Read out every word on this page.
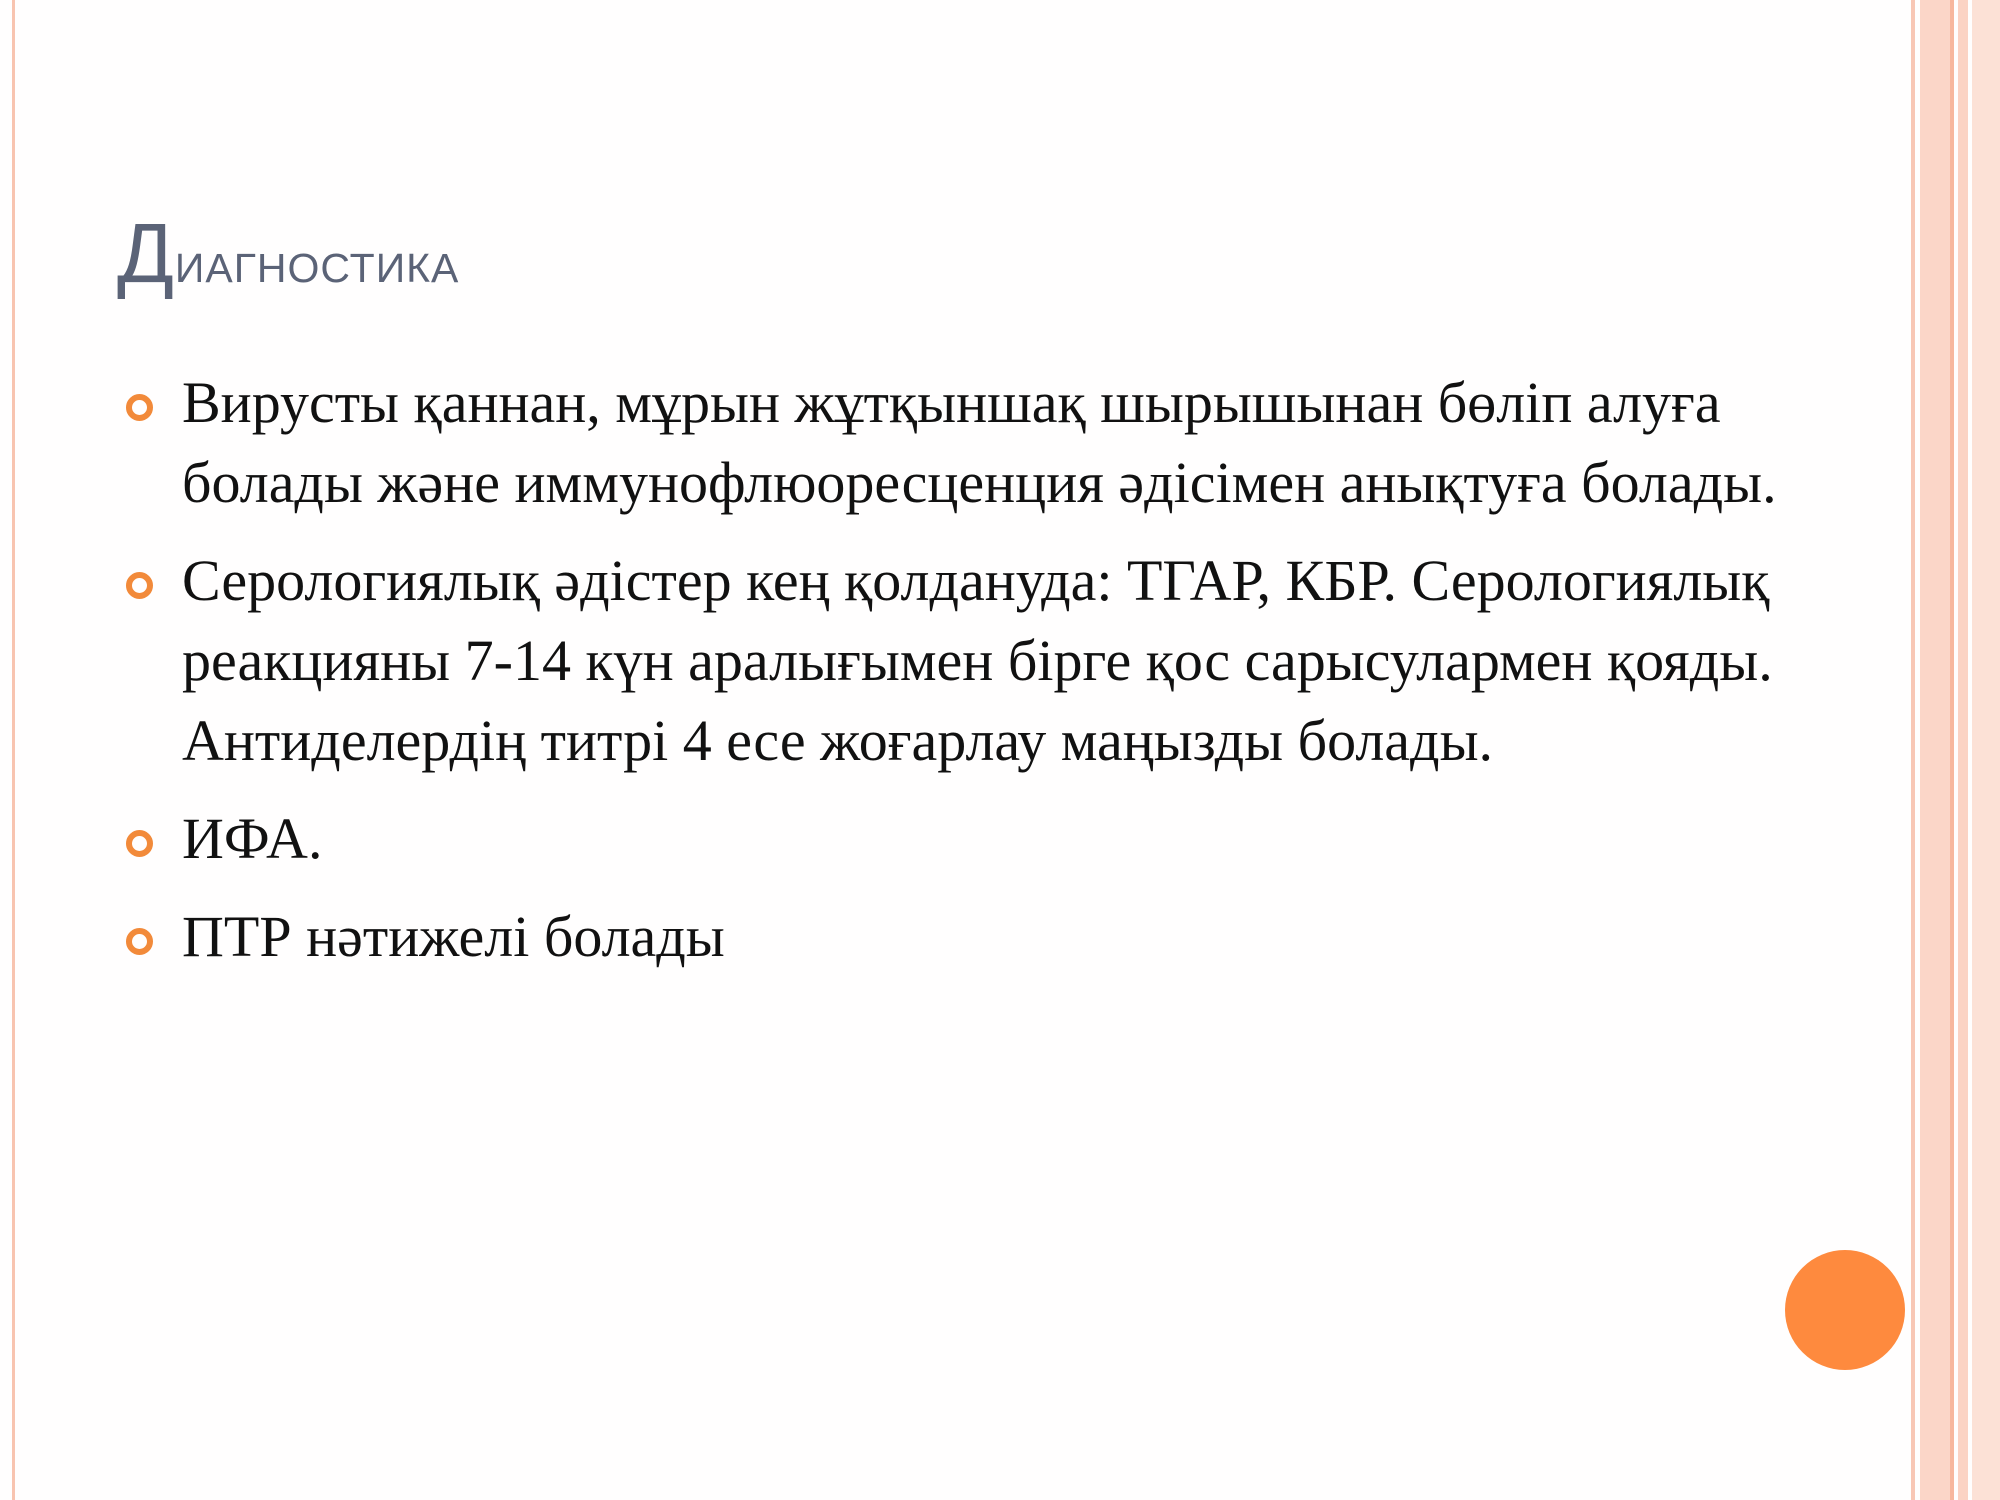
Диагностика
Вирусты қаннан, мұрын жұтқыншақ шырышынан бөліп алуға болады және иммунофлюоресценция әдісімен анықтуға болады.
Серологиялық әдістер кең қолдануда: ТГАР, КБР. Серологиялық реакцияны 7-14 күн аралығымен бірге қос сарысулармен қояды. Антиделердің титрі 4 есе жоғарлау маңызды болады.
ИФА.
ПТР нәтижелі болады
